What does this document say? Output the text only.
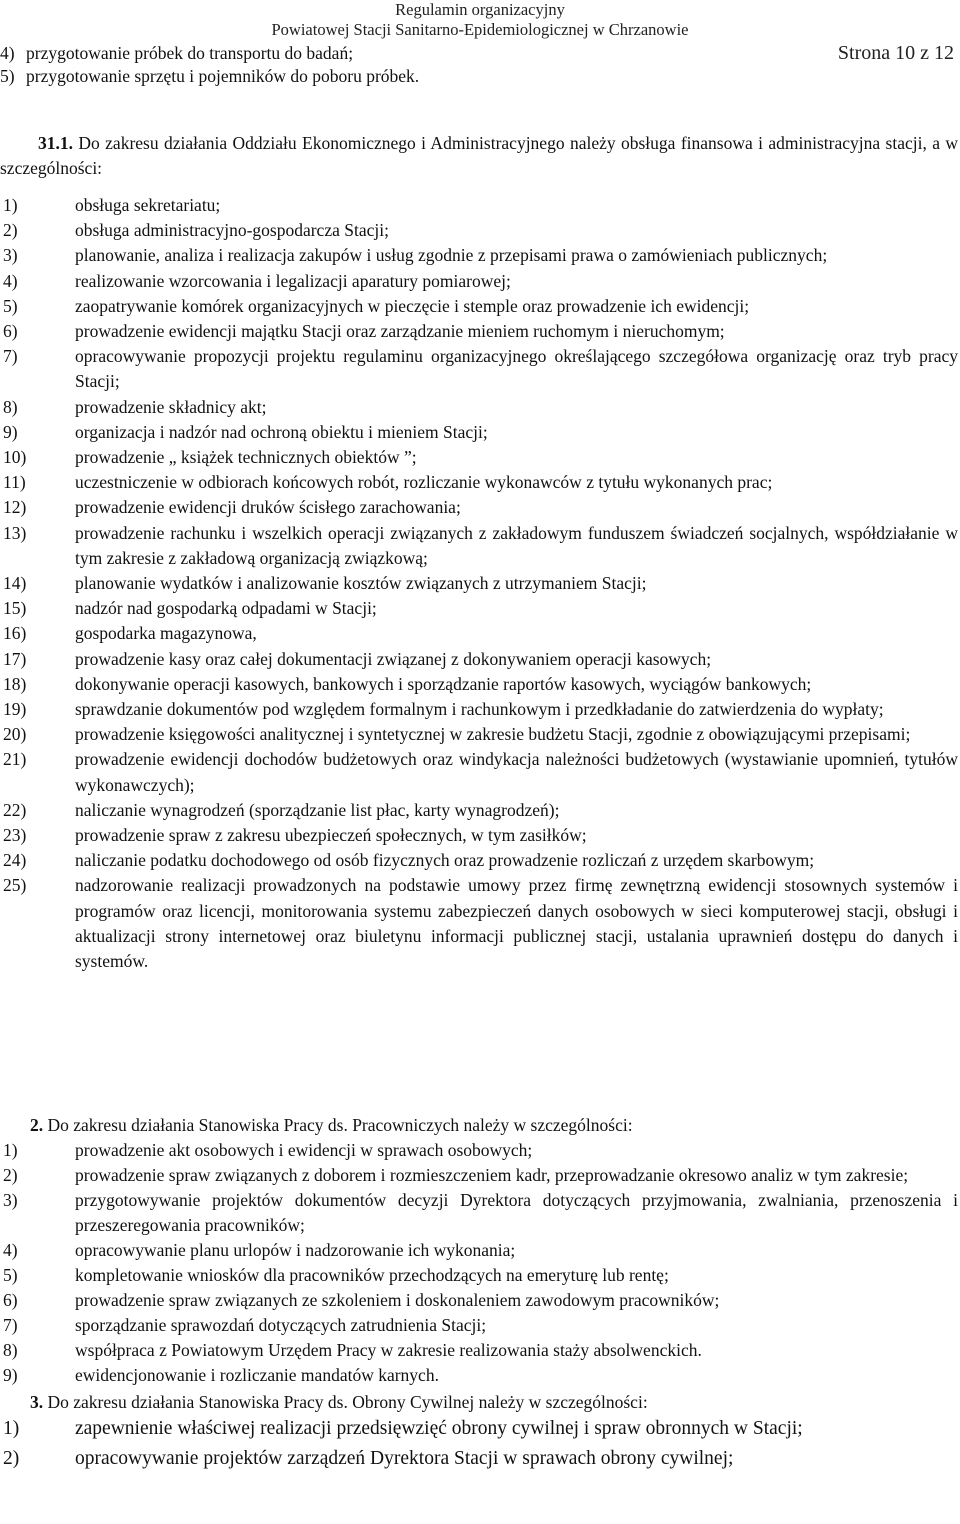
Regulamin organizacyjny
Powiatowej Stacji Sanitarno-Epidemiologicznej w Chrzanowie
Strona 10 z 12
4) przygotowanie próbek do transportu do badań;
5) przygotowanie sprzętu i pojemników do poboru próbek.
31.1. Do zakresu działania Oddziału Ekonomicznego i Administracyjnego należy obsługa finansowa i administracyjna stacji, a w szczególności:
1)	obsługa sekretariatu;
2)	obsługa administracyjno-gospodarcza Stacji;
3)	planowanie, analiza i realizacja zakupów i usług zgodnie z przepisami prawa o zamówieniach publicznych;
4)	realizowanie wzorcowania i legalizacji aparatury pomiarowej;
5)	zaopatrywanie komórek organizacyjnych w pieczęcie i stemple oraz prowadzenie ich ewidencji;
6)	prowadzenie ewidencji majątku Stacji oraz zarządzanie mieniem ruchomym i nieruchomym;
7)	opracowywanie propozycji projektu regulaminu organizacyjnego określającego szczegółowa organizację oraz tryb pracy Stacji;
8)	prowadzenie składnicy akt;
9)	organizacja i nadzór nad ochroną obiektu i mieniem Stacji;
10)	prowadzenie „ książek technicznych obiektów ”;
11)	uczestniczenie w odbiorach końcowych robót, rozliczanie wykonawców z tytułu wykonanych prac;
12)	prowadzenie ewidencji druków ścisłego zarachowania;
13)	prowadzenie rachunku i wszelkich operacji związanych z zakładowym funduszem świadczeń socjalnych, współdziałanie w tym zakresie z zakładową organizacją związkową;
14)	planowanie wydatków i analizowanie kosztów związanych z utrzymaniem Stacji;
15)	nadzór nad gospodarką odpadami w Stacji;
16)	gospodarka magazynowa,
17)	prowadzenie kasy oraz całej dokumentacji związanej z dokonywaniem operacji kasowych;
18)	dokonywanie operacji kasowych, bankowych i sporządzanie raportów kasowych, wyciągów bankowych;
19)	sprawdzanie dokumentów pod względem formalnym i rachunkowym i przedkładanie do zatwierdzenia do wypłaty;
20)	prowadzenie księgowości analitycznej i syntetycznej w zakresie budżetu Stacji, zgodnie z obowiązującymi przepisami;
21)	prowadzenie ewidencji dochodów budżetowych oraz windykacja należności budżetowych (wystawianie upomnień, tytułów wykonawczych);
22)	naliczanie wynagrodzeń (sporządzanie list płac, karty wynagrodzeń);
23)	prowadzenie spraw z zakresu ubezpieczeń społecznych, w tym zasiłków;
24)	naliczanie podatku dochodowego od osób fizycznych oraz prowadzenie rozliczań z urzędem skarbowym;
25)	nadzorowanie realizacji prowadzonych na podstawie umowy przez firmę zewnętrzną ewidencji stosownych systemów i programów oraz licencji, monitorowania systemu zabezpieczeń danych osobowych w sieci komputerowej stacji, obsługi i aktualizacji strony internetowej oraz biuletynu informacji publicznej stacji, ustalania uprawnień dostępu do danych i systemów.
2. Do zakresu działania Stanowiska Pracy ds. Pracowniczych należy w szczególności:
1)	prowadzenie akt osobowych i ewidencji w sprawach osobowych;
2)	prowadzenie spraw związanych z doborem i rozmieszczeniem kadr, przeprowadzanie okresowo analiz w tym zakresie;
3)	przygotowywanie projektów dokumentów decyzji Dyrektora dotyczących przyjmowania, zwalniania, przenoszenia i przeszeregowania pracowników;
4)	opracowywanie planu urlopów i nadzorowanie ich wykonania;
5)	kompletowanie wniosków dla pracowników przechodzących na emeryturę lub rentę;
6)	prowadzenie spraw związanych ze szkoleniem i doskonaleniem zawodowym pracowników;
7)	sporządzanie sprawozdań dotyczących zatrudnienia Stacji;
8)	współpraca z Powiatowym Urzędem Pracy w zakresie realizowania staży absolwenckich.
9)	ewidencjonowanie i rozliczanie mandatów karnych.
3. Do zakresu działania Stanowiska Pracy ds. Obrony Cywilnej należy w szczególności:
1)	zapewnienie właściwej realizacji przedsięwzięć obrony cywilnej i spraw obronnych w Stacji;
2)	opracowywanie projektów zarządzeń Dyrektora Stacji w sprawach obrony cywilnej;
